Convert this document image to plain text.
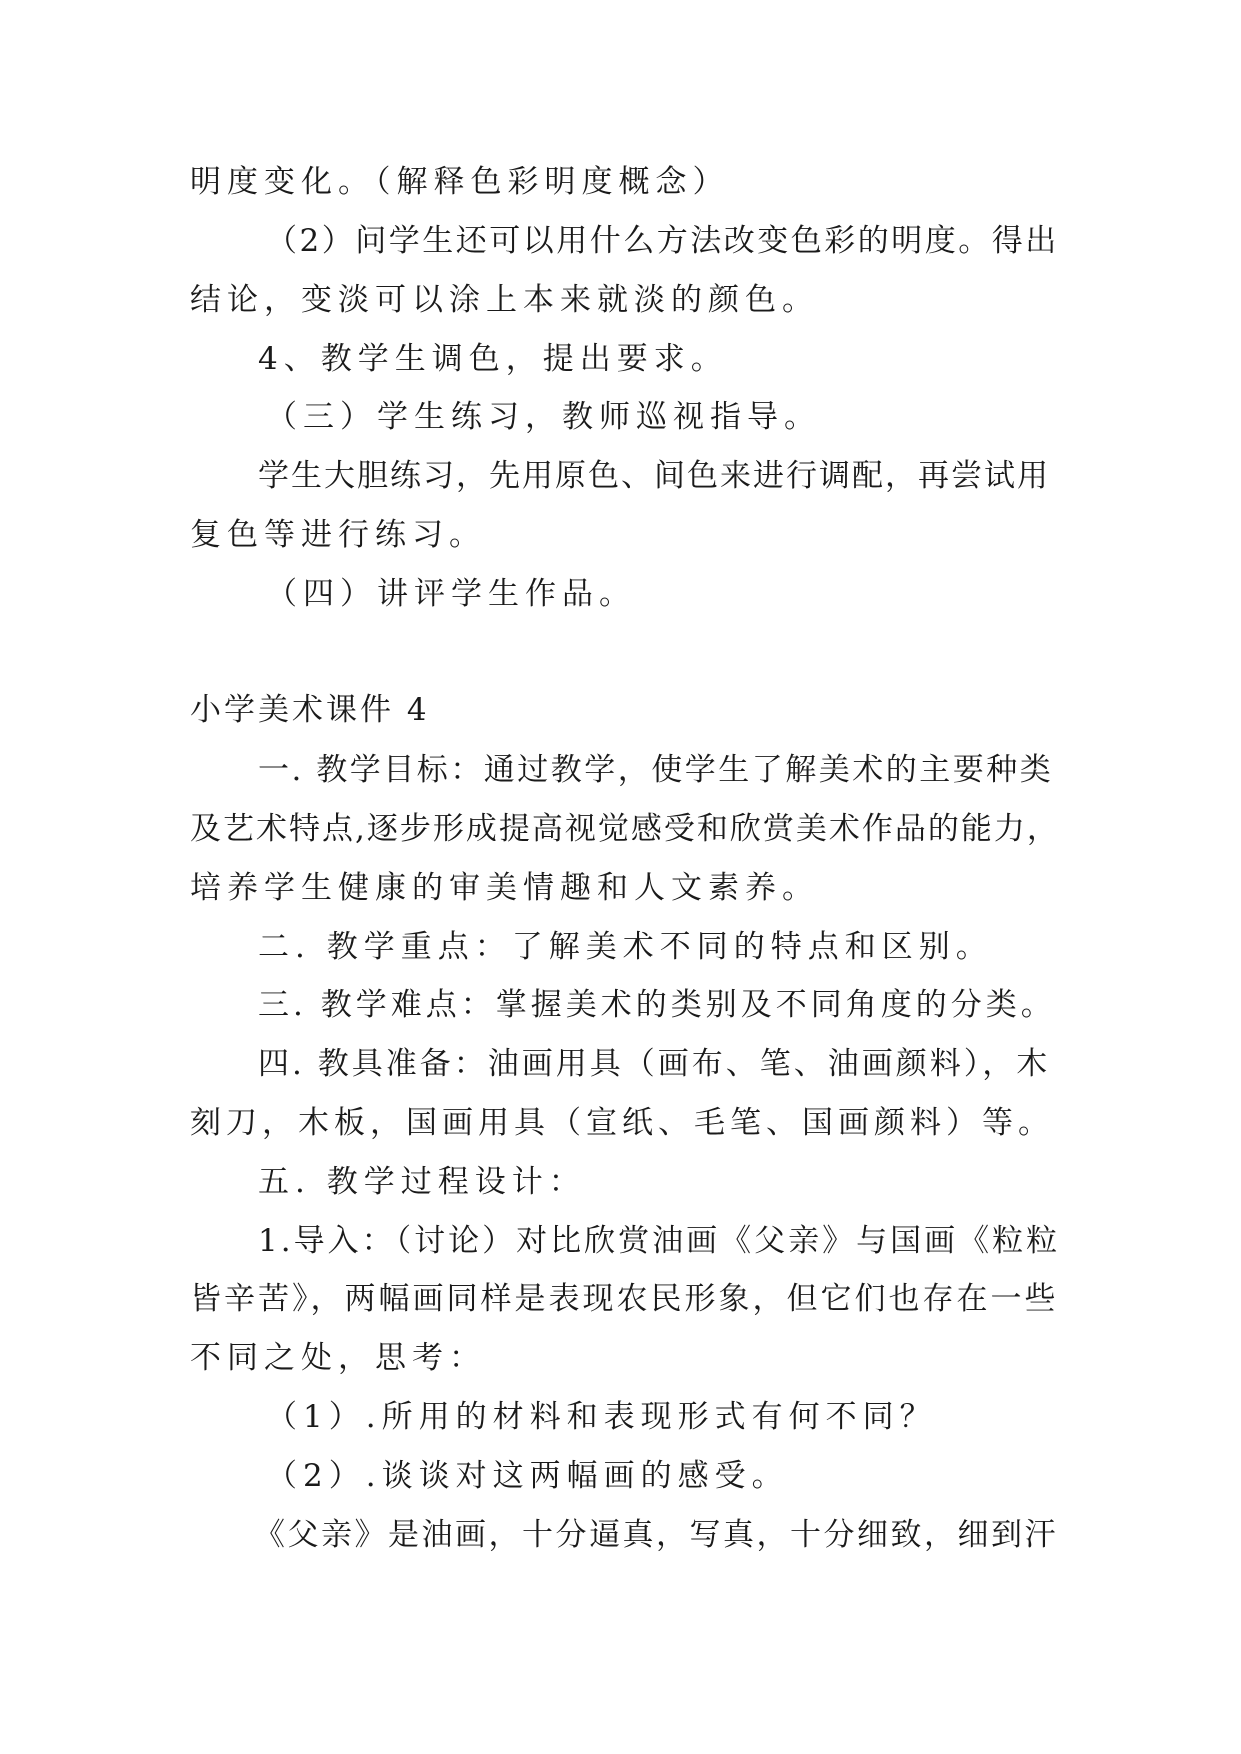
明度变化。（解释色彩明度概念）

（2）问学生还可以用什么方法改变色彩的明度。得出

结论，变淡可以涂上本来就淡的颜色。

4、教学生调色，提出要求。

（三）学生练习，教师巡视指导。

学生大胆练习，先用原色、间色来进行调配，再尝试用

复色等进行练习。

（四）讲评学生作品。

小学美术课件 4

一. 教学目标：通过教学，使学生了解美术的主要种类

及艺术特点,逐步形成提高视觉感受和欣赏美术作品的能力，

培养学生健康的审美情趣和人文素养。

二. 教学重点：了解美术不同的特点和区别。

三. 教学难点：掌握美术的类别及不同角度的分类。

四. 教具准备：油画用具（画布、笔、油画颜料），木

刻刀，木板，国画用具（宣纸、毛笔、国画颜料）等。

五. 教学过程设计：

1.导入：（讨论）对比欣赏油画《父亲》与国画《粒粒

皆辛苦》，两幅画同样是表现农民形象，但它们也存在一些

不同之处，思考：

（1）.所用的材料和表现形式有何不同？

（2）.谈谈对这两幅画的感受。

《父亲》是油画，十分逼真，写真，十分细致，细到汗
